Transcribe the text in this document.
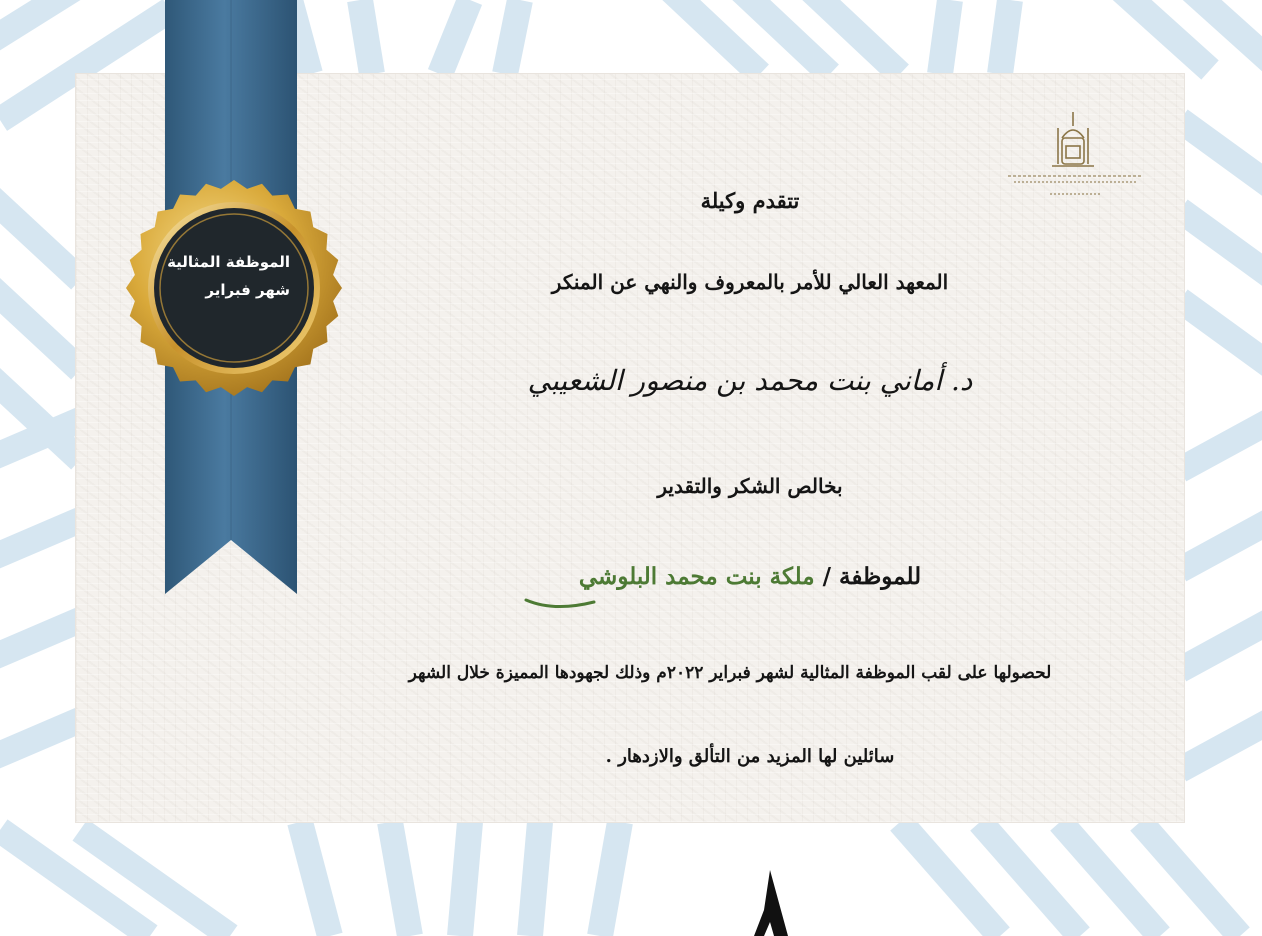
الموظفة المثالية
شهر فبراير
تتقدم وكيلة
المعهد العالي للأمر بالمعروف والنهي عن المنكر
د. أماني بنت محمد بن منصور الشعيبي
بخالص الشكر والتقدير
للموظفة / ملكة بنت محمد البلوشي
لحصولها على لقب الموظفة المثالية لشهر فبراير ٢٠٢٢م وذلك لجهودها المميزة خلال الشهر
سائلين لها المزيد من التألق والازدهار .
